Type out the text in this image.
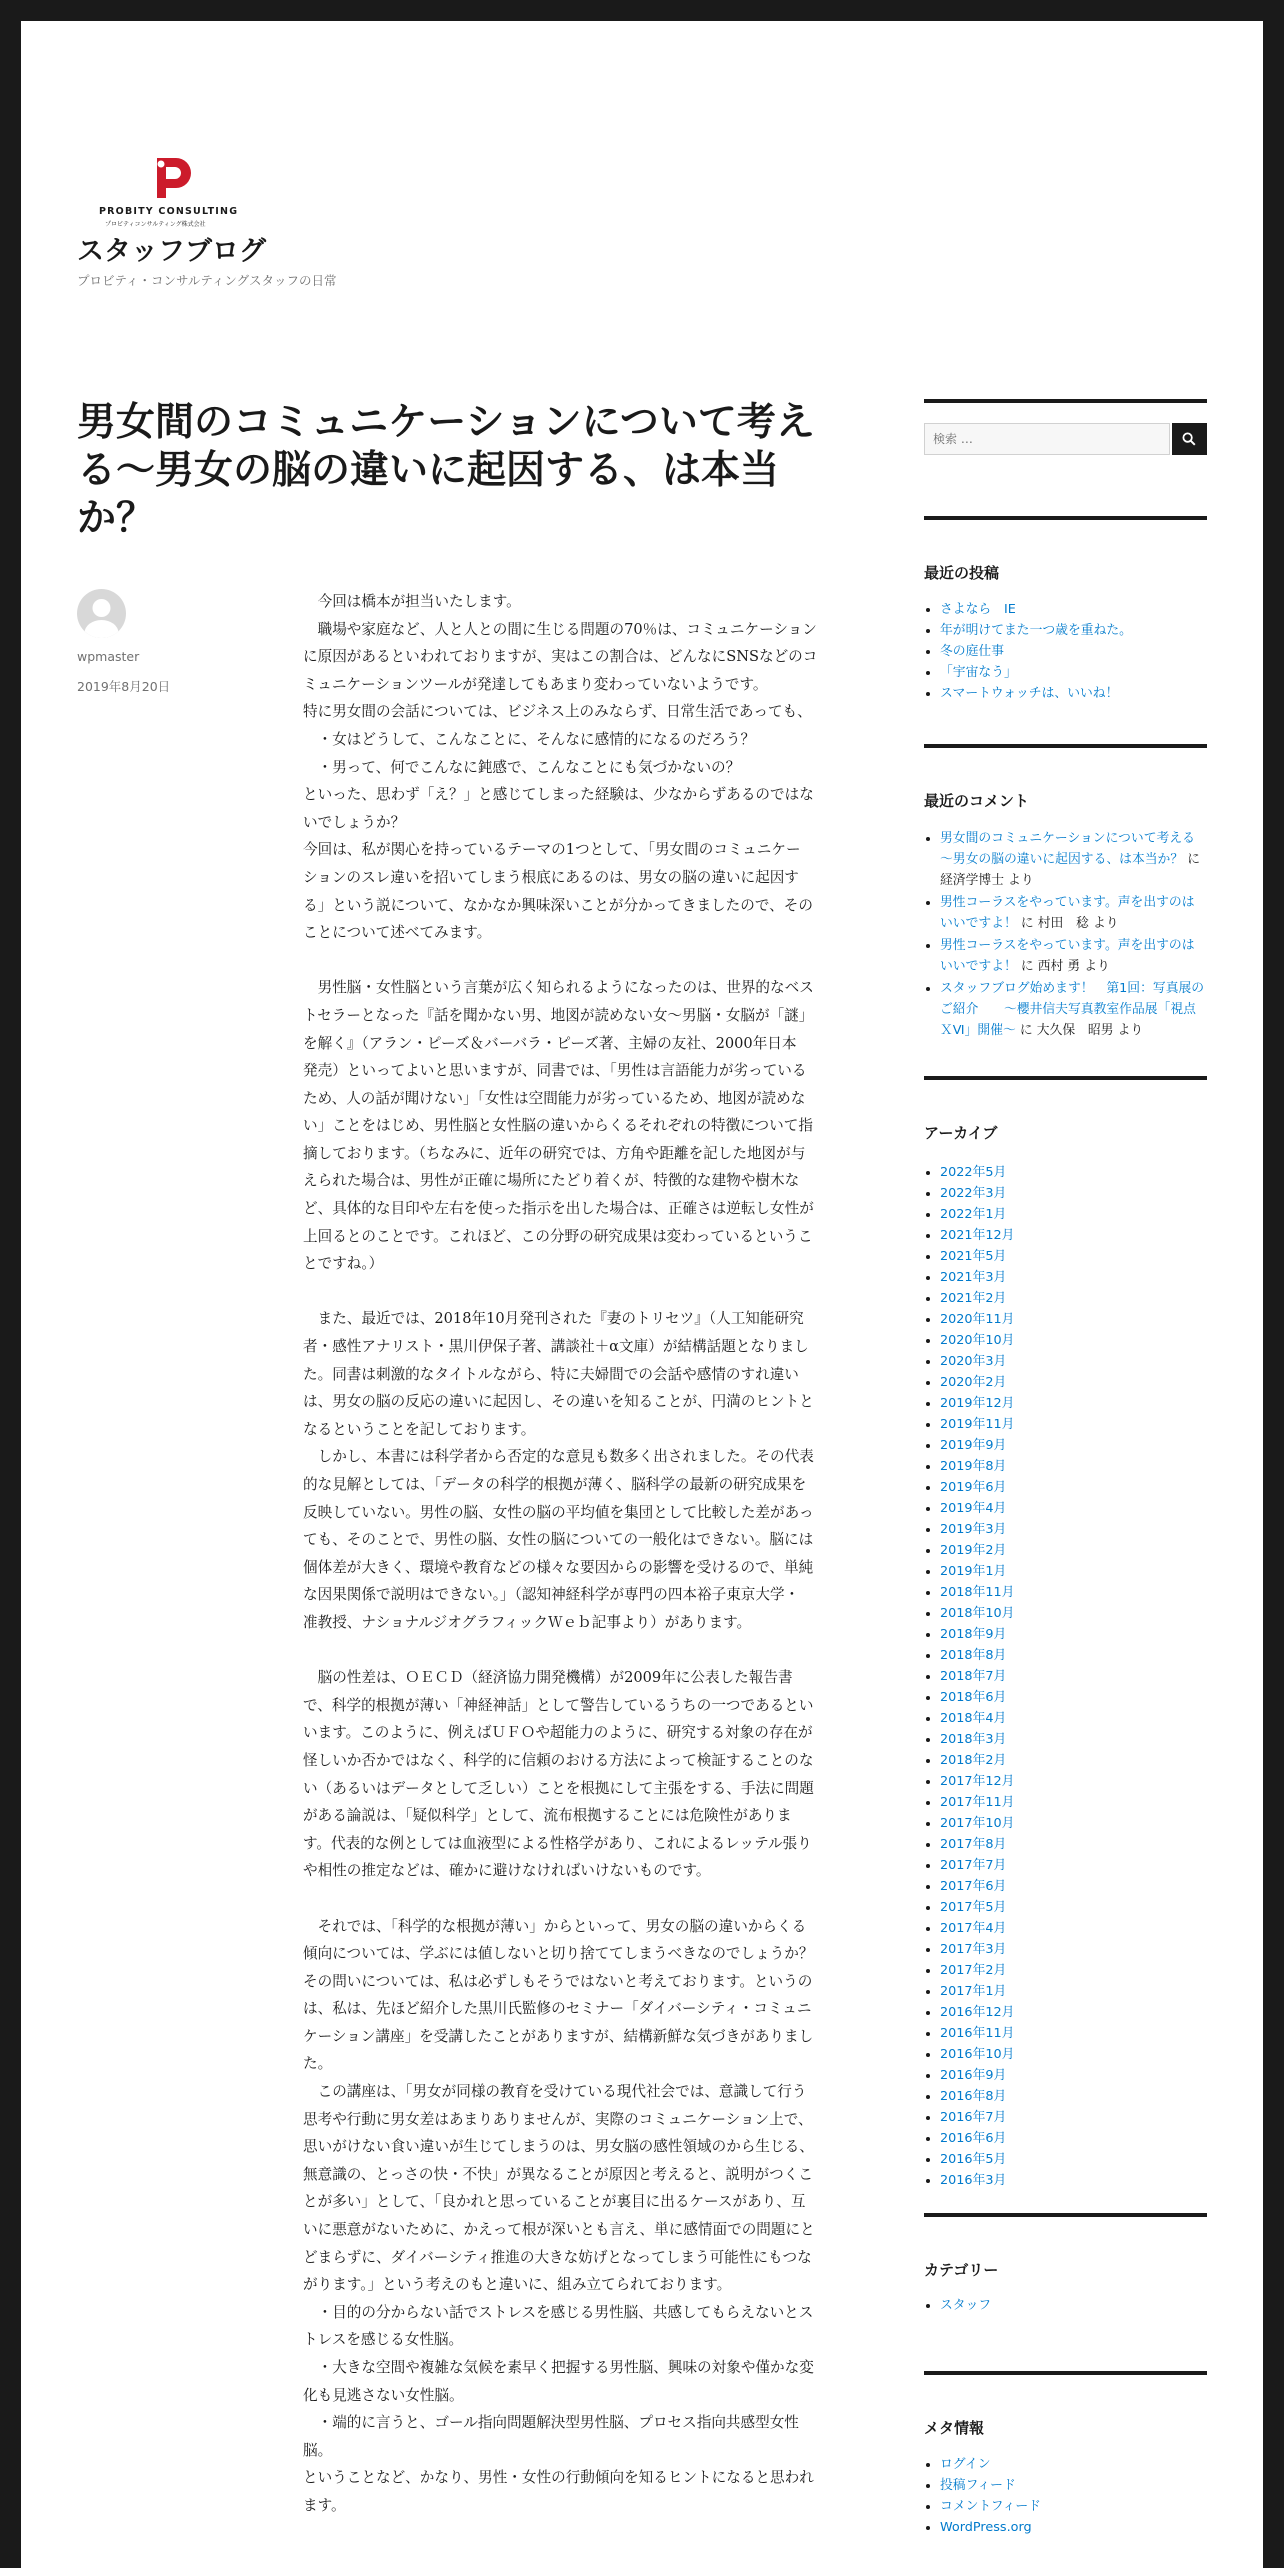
PROBITY CONSULTING
プロビティコンサルティング株式会社

スタッフブログ

プロビティ・コンサルティングスタッフの日常

男女間のコミュニケーションについて考え
る～男女の脳の違いに起因する、は本当
か？
wpmaster
2019年8月20日

　今回は橋本が担当いたします。

　職場や家庭など、人と人との間に生じる問題の70％は、コミュニケーション

に原因があるといわれておりますが、実はこの割合は、どんなにSNSなどのコ

ミュニケーションツールが発達してもあまり変わっていないようです。

特に男女間の会話については、ビジネス上のみならず、日常生活であっても、

　・女はどうして、こんなことに、そんなに感情的になるのだろう？

　・男って、何でこんなに鈍感で、こんなことにも気づかないの？

といった、思わず「え？」と感じてしまった経験は、少なからずあるのではな

いでしょうか？

今回は、私が関心を持っているテーマの1つとして、「男女間のコミュニケー

ションのスレ違いを招いてしまう根底にあるのは、男女の脳の違いに起因す

る」という説について、なかなか興味深いことが分かってきましたので、その

ことについて述べてみます。

　男性脳・女性脳という言葉が広く知られるようになったのは、世界的なベス

トセラーとなった『話を聞かない男、地図が読めない女～男脳・女脳が「謎」

を解く』（アラン・ピーズ＆バーバラ・ピーズ著、主婦の友社、2000年日本

発売）といってよいと思いますが、同書では、「男性は言語能力が劣っている

ため、人の話が聞けない」「女性は空間能力が劣っているため、地図が読めな

い」ことをはじめ、男性脳と女性脳の違いからくるそれぞれの特徴について指

摘しております。（ちなみに、近年の研究では、方角や距離を記した地図が与

えられた場合は、男性が正確に場所にたどり着くが、特徴的な建物や樹木な

ど、具体的な目印や左右を使った指示を出した場合は、正確さは逆転し女性が

上回るとのことです。これほど、この分野の研究成果は変わっているというこ

とですね。）

　また、最近では、2018年10月発刊された『妻のトリセツ』（人工知能研究

者・感性アナリスト・黒川伊保子著、講談社＋α文庫）が結構話題となりまし

た。同書は刺激的なタイトルながら、特に夫婦間での会話や感情のすれ違い

は、男女の脳の反応の違いに起因し、その違いを知ることが、円満のヒントと

なるということを記しております。

　しかし、本書には科学者から否定的な意見も数多く出されました。その代表

的な見解としては、「データの科学的根拠が薄く、脳科学の最新の研究成果を

反映していない。男性の脳、女性の脳の平均値を集団として比較した差があっ

ても、そのことで、男性の脳、女性の脳についての一般化はできない。脳には

個体差が大きく、環境や教育などの様々な要因からの影響を受けるので、単純

な因果関係で説明はできない。」（認知神経科学が専門の四本裕子東京大学・

准教授、ナショナルジオグラフィックＷｅｂ記事より）があります。

　脳の性差は、ＯＥＣＤ（経済協力開発機構）が2009年に公表した報告書

で、科学的根拠が薄い「神経神話」として警告しているうちの一つであるとい

います。このように、例えばＵＦＯや超能力のように、研究する対象の存在が

怪しいか否かではなく、科学的に信頼のおける方法によって検証することのな

い（あるいはデータとして乏しい）ことを根拠にして主張をする、手法に問題

がある論説は、「疑似科学」として、流布根拠することには危険性がありま

す。代表的な例としては血液型による性格学があり、これによるレッテル張り

や相性の推定などは、確かに避けなければいけないものです。

　それでは、「科学的な根拠が薄い」からといって、男女の脳の違いからくる

傾向については、学ぶには値しないと切り捨ててしまうべきなのでしょうか？

その問いについては、私は必ずしもそうではないと考えております。というの

は、私は、先ほど紹介した黒川氏監修のセミナー「ダイバーシティ・コミュニ

ケーション講座」を受講したことがありますが、結構新鮮な気づきがありまし

た。

　この講座は、「男女が同様の教育を受けている現代社会では、意識して行う

思考や行動に男女差はあまりありませんが、実際のコミュニケーション上で、

思いがけない食い違いが生じてしまうのは、男女脳の感性領域のから生じる、

無意識の、とっさの快・不快」が異なることが原因と考えると、説明がつくこ

とが多い」として、「良かれと思っていることが裏目に出るケースがあり、互

いに悪意がないために、かえって根が深いとも言え、単に感情面での問題にと

どまらずに、ダイバーシティ推進の大きな妨げとなってしまう可能性にもつな

がります。」という考えのもと違いに、組み立てられております。

　・目的の分からない話でストレスを感じる男性脳、共感してもらえないとス

トレスを感じる女性脳。

　・大きな空間や複雑な気候を素早く把握する男性脳、興味の対象や僅かな変

化も見逃さない女性脳。

　・端的に言うと、ゴール指向問題解決型男性脳、プロセス指向共感型女性

脳。

ということなど、かなり、男性・女性の行動傾向を知るヒントになると思われ

ます。

検索 …
最近の投稿
• さよなら　IE
• 年が明けてまた一つ歳を重ねた。
• 冬の庭仕事
• 「宇宙なう」
• スマートウォッチは、いいね！
最近のコメント
• 男女間のコミュニケーションについて考える
～男女の脳の違いに起因する、は本当か？ に
経済学博士 より
• 男性コーラスをやっています。声を出すのは
いいですよ！ に 村田　稔 より
• 男性コーラスをやっています。声を出すのは
いいですよ！ に 西村 勇 より
• スタッフブログ始めます！　第1回：写真展の
ご紹介　　～櫻井信夫写真教室作品展「視点
ＸⅥ」開催～ に 大久保　昭男 より
アーカイブ
• 2022年5月
• 2022年3月
• 2022年1月
• 2021年12月
• 2021年5月
• 2021年3月
• 2021年2月
• 2020年11月
• 2020年10月
• 2020年3月
• 2020年2月
• 2019年12月
• 2019年11月
• 2019年9月
• 2019年8月
• 2019年6月
• 2019年4月
• 2019年3月
• 2019年2月
• 2019年1月
• 2018年11月
• 2018年10月
• 2018年9月
• 2018年8月
• 2018年7月
• 2018年6月
• 2018年4月
• 2018年3月
• 2018年2月
• 2017年12月
• 2017年11月
• 2017年10月
• 2017年8月
• 2017年7月
• 2017年6月
• 2017年5月
• 2017年4月
• 2017年3月
• 2017年2月
• 2017年1月
• 2016年12月
• 2016年11月
• 2016年10月
• 2016年9月
• 2016年8月
• 2016年7月
• 2016年6月
• 2016年5月
• 2016年3月
カテゴリー
• スタッフ
メタ情報
• ログイン
• 投稿フィード
• コメントフィード
• WordPress.org
